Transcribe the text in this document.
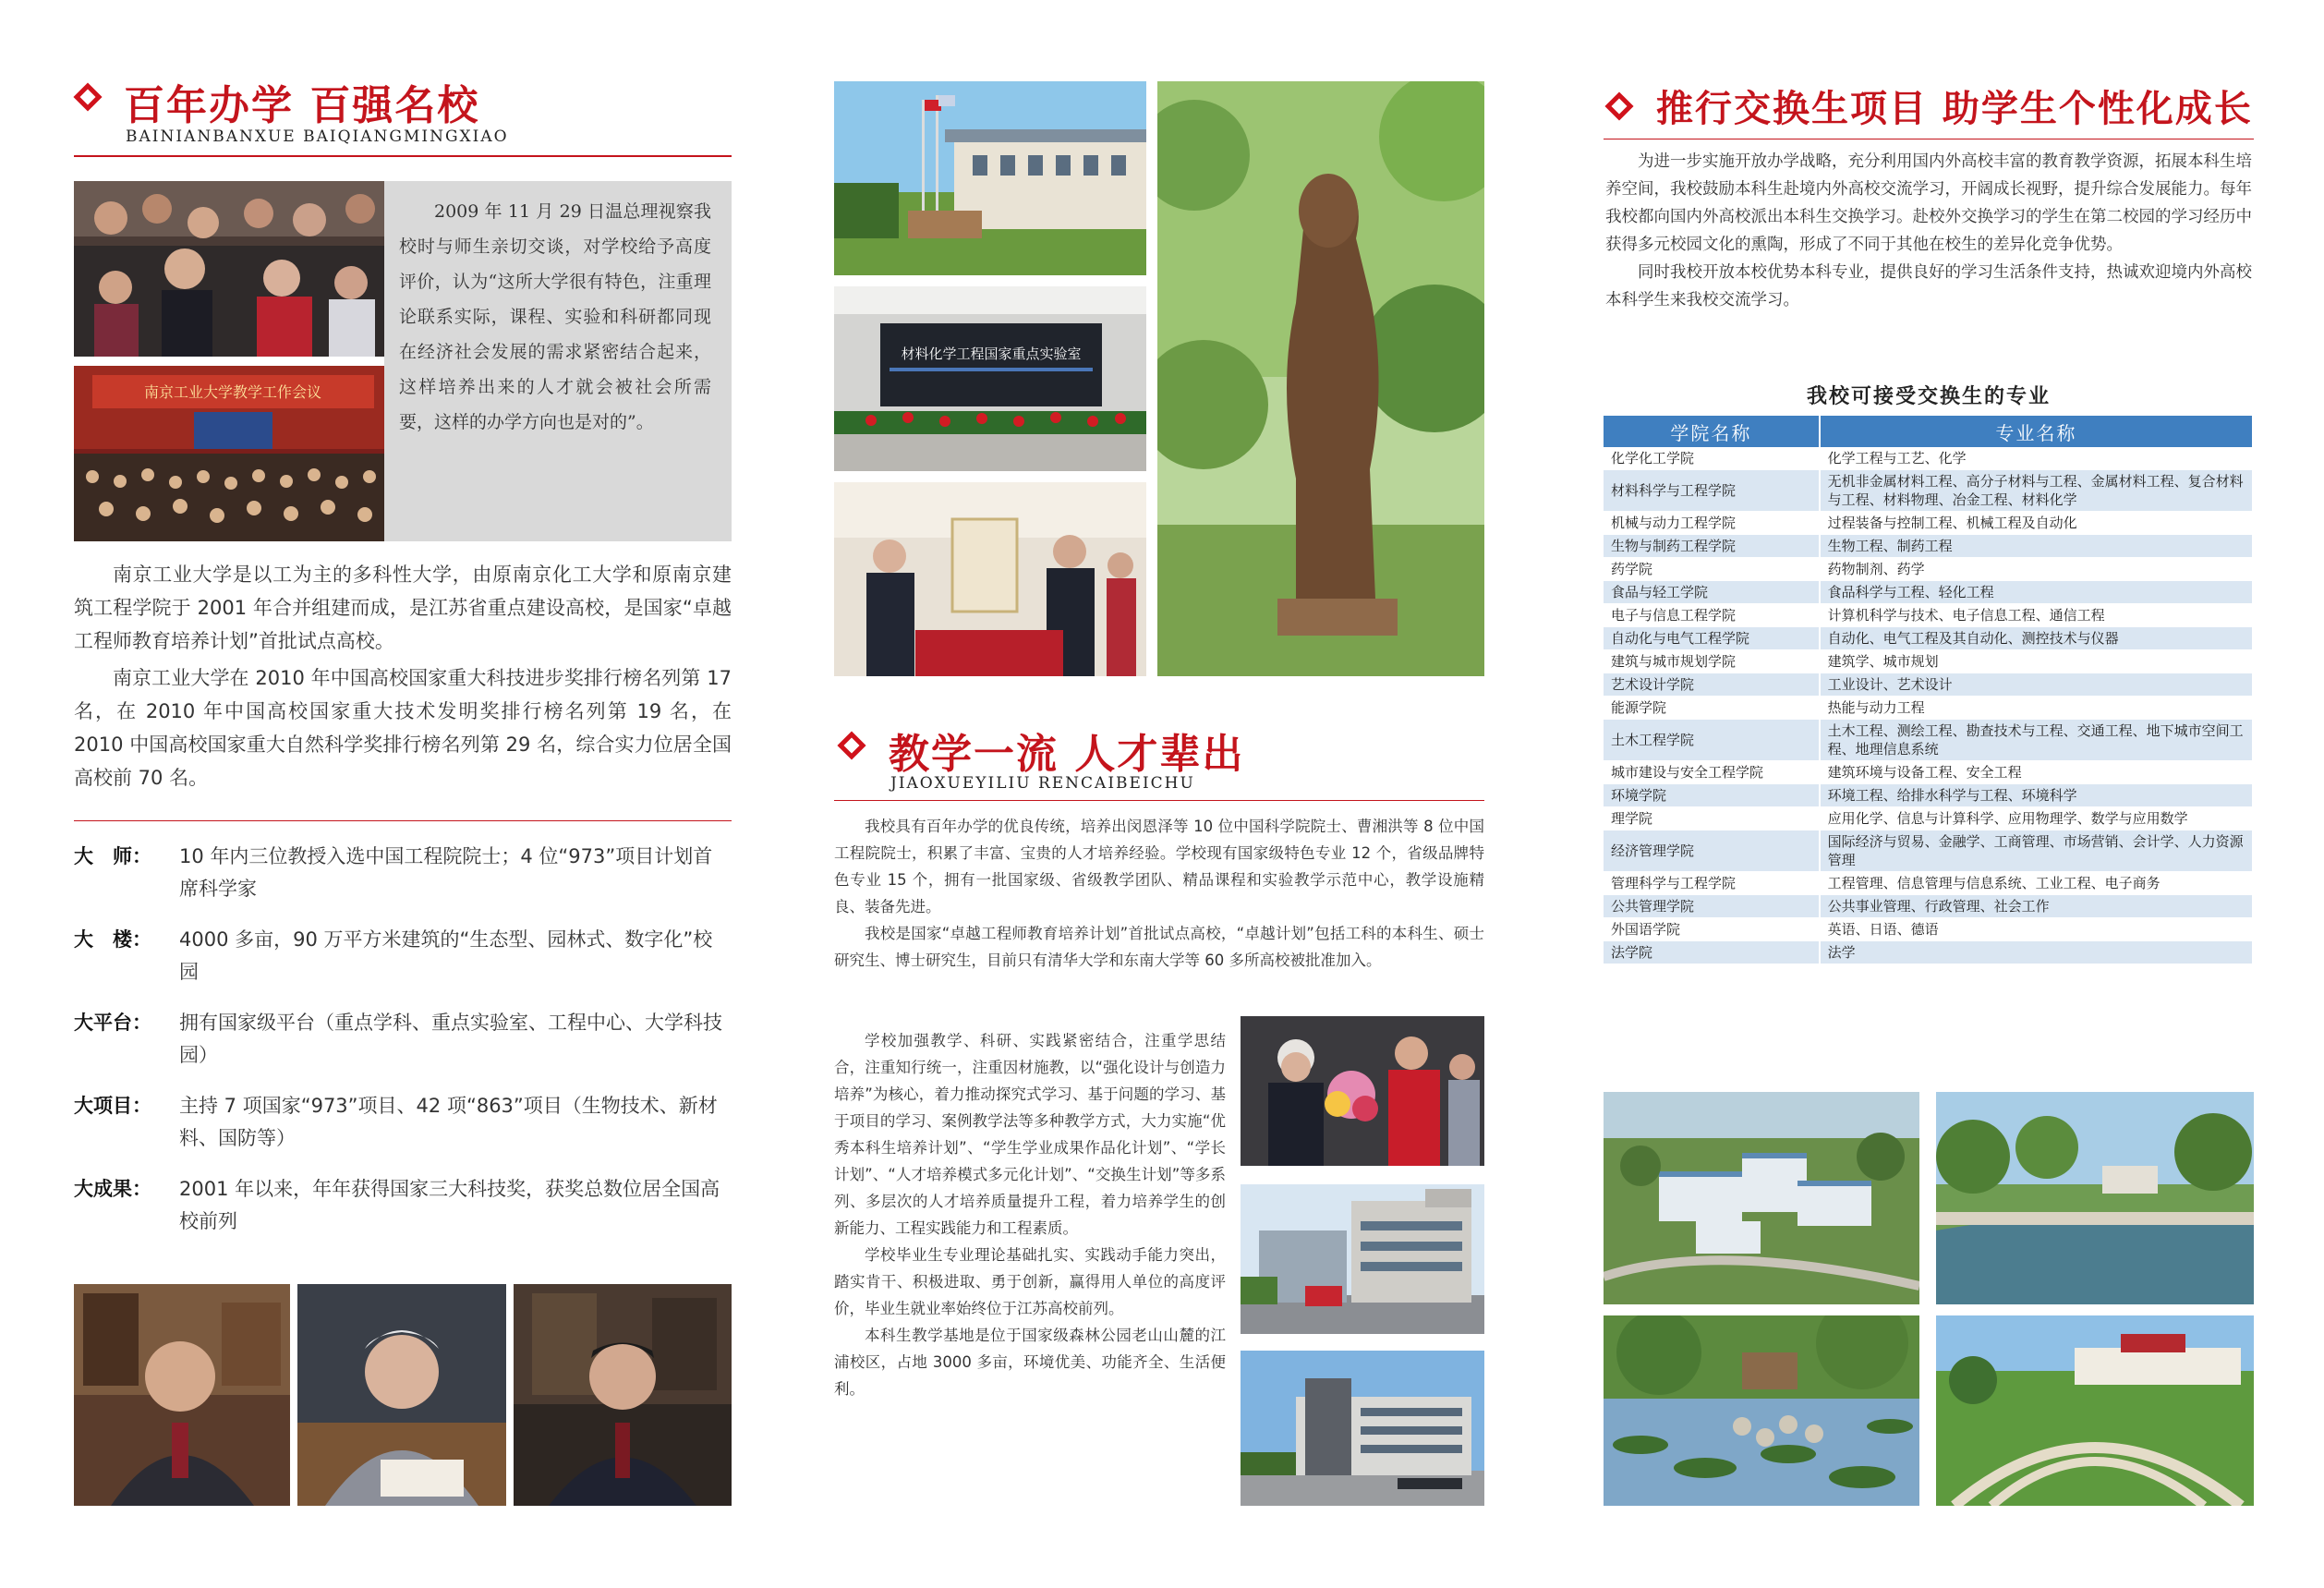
百年办学 百强名校
BAINIANBANXUE BAIQIANGMINGXIAO
南京工业大学教学工作会议

2009 年 11 月 29 日温总理视察我校时与师生亲切交谈，对学校给予高度评价，认为“这所大学很有特色，注重理论联系实际，课程、实验和科研都同现在经济社会发展的需求紧密结合起来，这样培养出来的人才就会被社会所需要，这样的办学方向也是对的”。

南京工业大学是以工为主的多科性大学，由原南京化工大学和原南京建筑工程学院于 2001 年合并组建而成，是江苏省重点建设高校，是国家“卓越工程师教育培养计划”首批试点高校。

南京工业大学在 2010 年中国高校国家重大科技进步奖排行榜名列第 17 名，在 2010 年中国高校国家重大技术发明奖排行榜名列第 19 名，在 2010 中国高校国家重大自然科学奖排行榜名列第 29 名，综合实力位居全国高校前 70 名。

大　师：	10 年内三位教授入选中国工程院院士；4 位“973”项目计划首席科学家
大　楼：	4000 多亩，90 万平方米建筑的“生态型、园林式、数字化”校园
大平台：	拥有国家级平台（重点学科、重点实验室、工程中心、大学科技园）
大项目：	主持 7 项国家“973”项目、42 项“863”项目（生物技术、新材料、国防等）
大成果：	2001 年以来，年年获得国家三大科技奖，获奖总数位居全国高校前列
材料化学工程国家重点实验室
教学一流 人才辈出
JIAOXUEYILIU RENCAIBEICHU

我校具有百年办学的优良传统，培养出闵恩泽等 10 位中国科学院院士、曹湘洪等 8 位中国工程院院士，积累了丰富、宝贵的人才培养经验。学校现有国家级特色专业 12 个，省级品牌特色专业 15 个，拥有一批国家级、省级教学团队、精品课程和实验教学示范中心，教学设施精良、装备先进。

我校是国家“卓越工程师教育培养计划”首批试点高校，“卓越计划”包括工科的本科生、硕士研究生、博士研究生，目前只有清华大学和东南大学等 60 多所高校被批准加入。

学校加强教学、科研、实践紧密结合，注重学思结合，注重知行统一，注重因材施教，以“强化设计与创造力培养”为核心，着力推动探究式学习、基于问题的学习、基于项目的学习、案例教学法等多种教学方式，大力实施“优秀本科生培养计划”、“学生学业成果作品化计划”、“学长计划”、“人才培养模式多元化计划”、“交换生计划”等多系列、多层次的人才培养质量提升工程，着力培养学生的创新能力、工程实践能力和工程素质。

学校毕业生专业理论基础扎实、实践动手能力突出，踏实肯干、积极进取、勇于创新，赢得用人单位的高度评价，毕业生就业率始终位于江苏高校前列。

本科生教学基地是位于国家级森林公园老山山麓的江浦校区，占地 3000 多亩，环境优美、功能齐全、生活便利。

推行交换生项目 助学生个性化成长

为进一步实施开放办学战略，充分利用国内外高校丰富的教育教学资源，拓展本科生培养空间，我校鼓励本科生赴境内外高校交流学习，开阔成长视野，提升综合发展能力。每年我校都向国内外高校派出本科生交换学习。赴校外交换学习的学生在第二校园的学习经历中获得多元校园文化的熏陶，形成了不同于其他在校生的差异化竞争优势。

同时我校开放本校优势本科专业，提供良好的学习生活条件支持，热诚欢迎境内外高校本科学生来我校交流学习。

我校可接受交换生的专业
学院名称	专业名称
化学化工学院	化学工程与工艺、化学
材料科学与工程学院	无机非金属材料工程、高分子材料与工程、金属材料工程、复合材料与工程、材料物理、冶金工程、材料化学
机械与动力工程学院	过程装备与控制工程、机械工程及自动化
生物与制药工程学院	生物工程、制药工程
药学院	药物制剂、药学
食品与轻工学院	食品科学与工程、轻化工程
电子与信息工程学院	计算机科学与技术、电子信息工程、通信工程
自动化与电气工程学院	自动化、电气工程及其自动化、测控技术与仪器
建筑与城市规划学院	建筑学、城市规划
艺术设计学院	工业设计、艺术设计
能源学院	热能与动力工程
土木工程学院	土木工程、测绘工程、勘查技术与工程、交通工程、地下城市空间工程、地理信息系统
城市建设与安全工程学院	建筑环境与设备工程、安全工程
环境学院	环境工程、给排水科学与工程、环境科学
理学院	应用化学、信息与计算科学、应用物理学、数学与应用数学
经济管理学院	国际经济与贸易、金融学、工商管理、市场营销、会计学、人力资源管理
管理科学与工程学院	工程管理、信息管理与信息系统、工业工程、电子商务
公共管理学院	公共事业管理、行政管理、社会工作
外国语学院	英语、日语、德语
法学院	法学
